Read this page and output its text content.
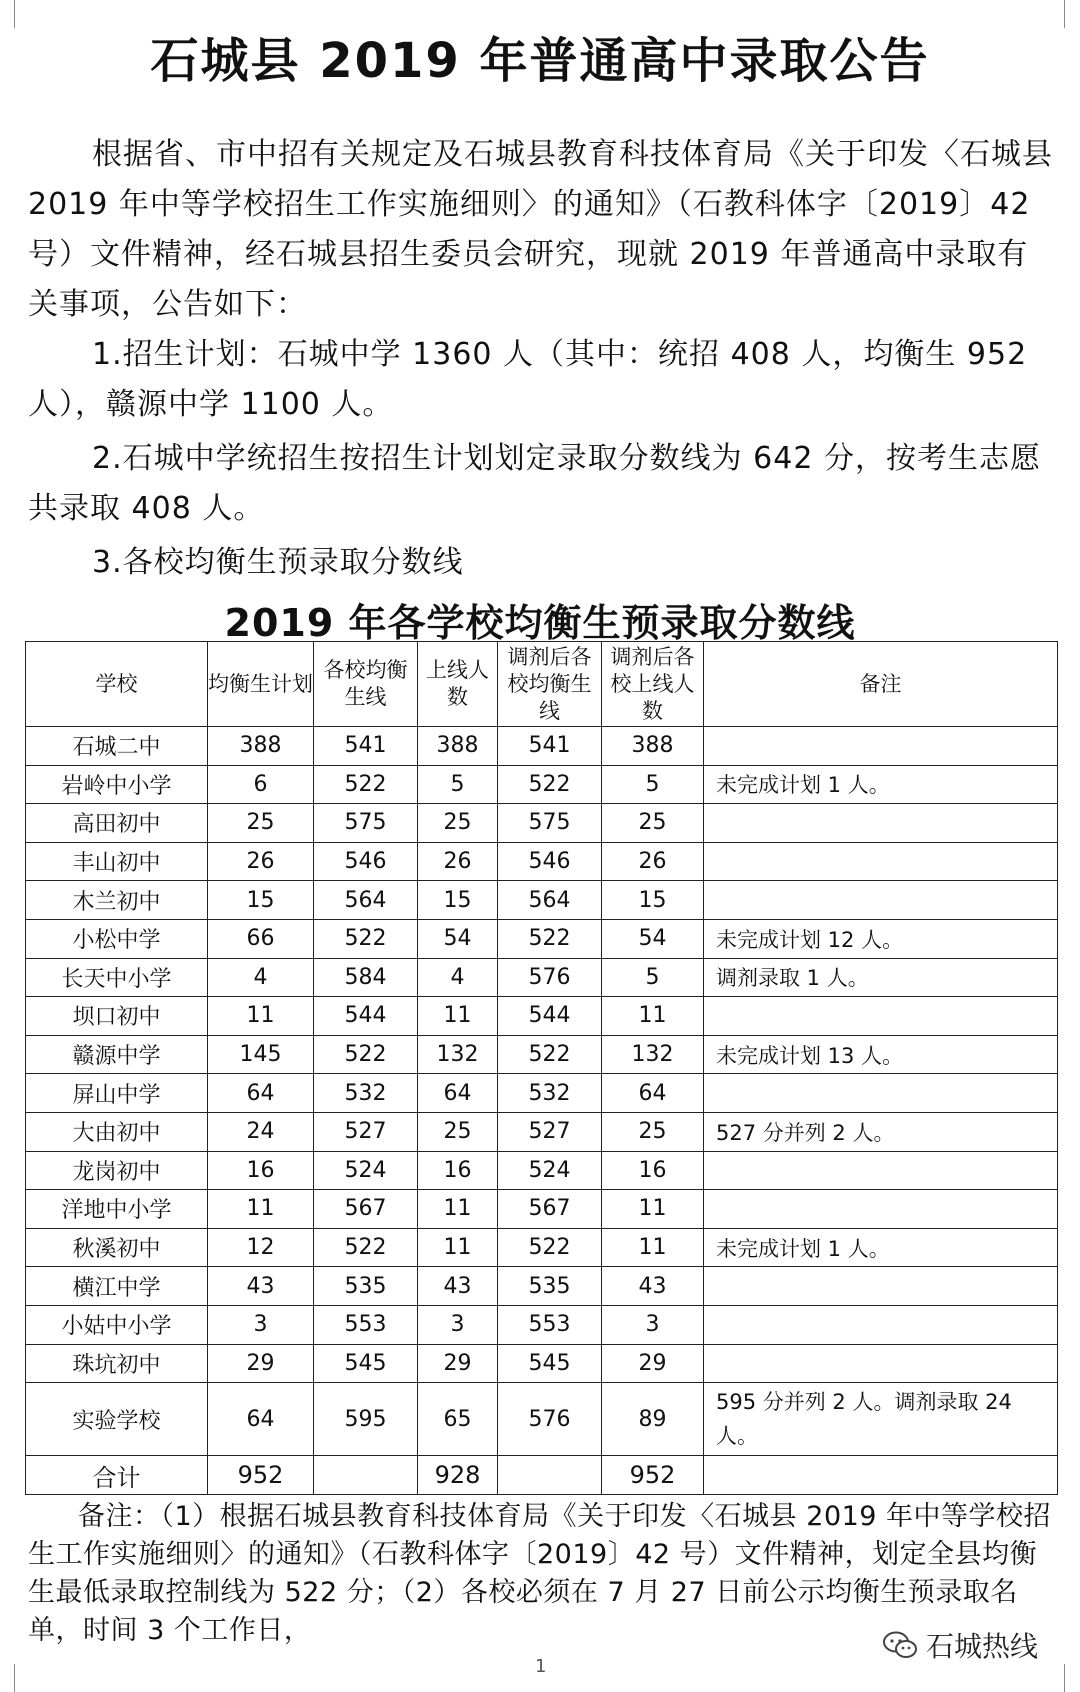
石城县 2019 年普通高中录取公告
根据省、市中招有关规定及石城县教育科技体育局《关于印发〈石城县 2019 年中等学校招生工作实施细则〉的通知》（石教科体字〔2019〕42 号）文件精神，经石城县招生委员会研究，现就 2019 年普通高中录取有关事项，公告如下：
1.招生计划：石城中学 1360 人（其中：统招 408 人，均衡生 952 人），赣源中学 1100 人。
2.石城中学统招生按招生计划划定录取分数线为 642 分，按考生志愿共录取 408 人。
3.各校均衡生预录取分数线
2019 年各学校均衡生预录取分数线
学校	均衡生计划	各校均衡生线	上线人数	调剂后各校均衡生线	调剂后各校上线人数	备注
石城二中	388	541	388	541	388	
岩岭中小学	6	522	5	522	5	未完成计划 1 人。
高田初中	25	575	25	575	25	
丰山初中	26	546	26	546	26	
木兰初中	15	564	15	564	15	
小松中学	66	522	54	522	54	未完成计划 12 人。
长天中小学	4	584	4	576	5	调剂录取 1 人。
坝口初中	11	544	11	544	11	
赣源中学	145	522	132	522	132	未完成计划 13 人。
屏山中学	64	532	64	532	64	
大由初中	24	527	25	527	25	527 分并列 2 人。
龙岗初中	16	524	16	524	16	
洋地中小学	11	567	11	567	11	
秋溪初中	12	522	11	522	11	未完成计划 1 人。
横江中学	43	535	43	535	43	
小姑中小学	3	553	3	553	3	
珠坑初中	29	545	29	545	29	
实验学校	64	595	65	576	89	595 分并列 2 人。调剂录取 24 人。
合计	952		928		952	
备注：（1）根据石城县教育科技体育局《关于印发〈石城县 2019 年中等学校招生工作实施细则〉的通知》（石教科体字〔2019〕42 号）文件精神，划定全县均衡生最低录取控制线为 522 分；（2）各校必须在 7 月 27 日前公示均衡生预录取名单，时间 3 个工作日，	石城热线
1
